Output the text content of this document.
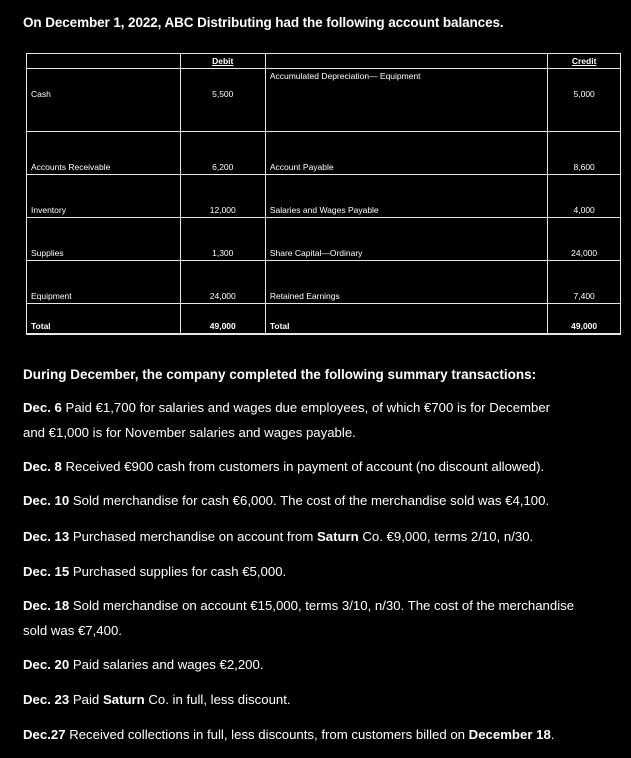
On December 1, 2022, ABC Distributing had the following account balances.
	Debit		Credit
Cash	5,500	Accumulated Depreciation— Equipment	5,000
Accounts Receivable	6,200	Account Payable	8,600
Inventory	12,000	Salaries and Wages Payable	4,000
Supplies	1,300	Share Capital—Ordinary	24,000
Equipment	24,000	Retained Earnings	7,400
Total	49,000	Total	49,000
During December, the company completed the following summary transactions:
Dec. 6 Paid €1,700 for salaries and wages due employees, of which €700 is for December
and €1,000 is for November salaries and wages payable.
Dec. 8 Received €900 cash from customers in payment of account (no discount allowed).
Dec. 10 Sold merchandise for cash €6,000. The cost of the merchandise sold was €4,100.
Dec. 13 Purchased merchandise on account from Saturn Co. €9,000, terms 2/10, n/30.
Dec. 15 Purchased supplies for cash €5,000.
Dec. 18 Sold merchandise on account €15,000, terms 3/10, n/30. The cost of the merchandise
sold was €7,400.
Dec. 20 Paid salaries and wages €2,200.
Dec. 23 Paid Saturn Co. in full, less discount.
Dec.27 Received collections in full, less discounts, from customers billed on December 18.
